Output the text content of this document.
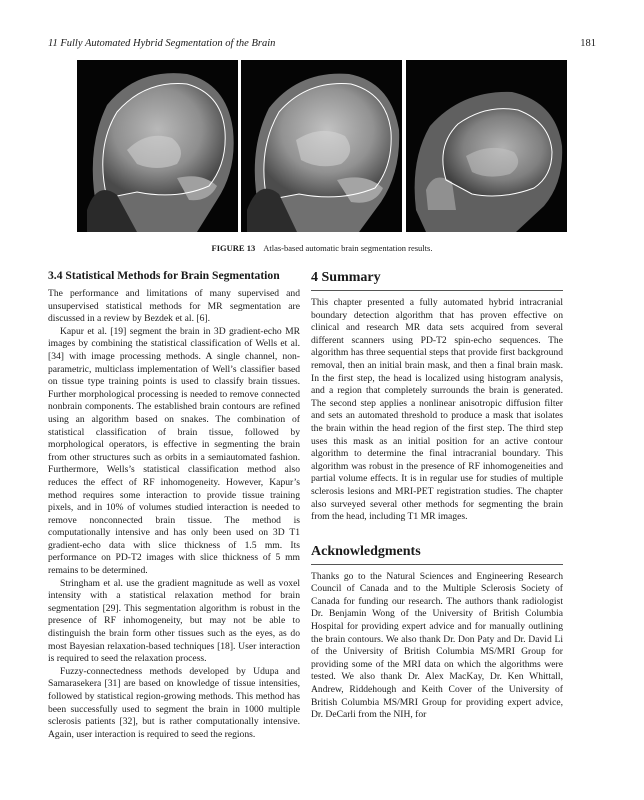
11 Fully Automated Hybrid Segmentation of the Brain	181
FIGURE 13 Atlas-based automatic brain segmentation results.
3.4 Statistical Methods for Brain Segmentation

The performance and limitations of many supervised and unsupervised statistical methods for MR segmentation are discussed in a review by Bezdek et al. [6].

Kapur et al. [19] segment the brain in 3D gradient-echo MR images by combining the statistical classification of Wells et al. [34] with image processing methods. A single channel, non-parametric, multiclass implementation of Well’s classifier based on tissue type training points is used to classify brain tissues. Further morphological processing is needed to remove connected nonbrain components. The established brain contours are refined using an algorithm based on snakes. The combination of statistical classification of brain tissue, followed by morphological operators, is effective in segmenting the brain from other structures such as orbits in a semiautomated fashion. Furthermore, Wells’s statistical classification method also reduces the effect of RF inhomogeneity. However, Kapur’s method requires some interaction to provide tissue training pixels, and in 10% of volumes studied interaction is needed to remove nonconnected brain tissue. The method is computationally intensive and has only been used on 3D T1 gradient-echo data with slice thickness of 1.5 mm. Its performance on PD-T2 images with slice thickness of 5 mm remains to be determined.

Stringham et al. use the gradient magnitude as well as voxel intensity with a statistical relaxation method for brain segmentation [29]. This segmentation algorithm is robust in the presence of RF inhomogeneity, but may not be able to distinguish the brain form other tissues such as the eyes, as do most Bayesian relaxation-based techniques [18]. User interaction is required to seed the relaxation process.

Fuzzy-connectedness methods developed by Udupa and Samarasekera [31] are based on knowledge of tissue intensities, followed by statistical region-growing methods. This method has been successfully used to segment the brain in 1000 multiple sclerosis patients [32], but is rather computationally intensive. Again, user interaction is required to seed the regions.

4 Summary

This chapter presented a fully automated hybrid intracranial boundary detection algorithm that has proven effective on clinical and research MR data sets acquired from several different scanners using PD-T2 spin-echo sequences. The algorithm has three sequential steps that provide first background removal, then an initial brain mask, and then a final brain mask. In the first step, the head is localized using histogram analysis, and a region that completely surrounds the brain is generated. The second step applies a nonlinear anisotropic diffusion filter and sets an automated threshold to produce a mask that isolates the brain within the head region of the first step. The third step uses this mask as an initial position for an active contour algorithm to determine the final intracranial boundary. This algorithm was robust in the presence of RF inhomogeneities and partial volume effects. It is in regular use for studies of multiple sclerosis lesions and MRI-PET registration studies. The chapter also surveyed several other methods for segmenting the brain from the head, including T1 MR images.

Acknowledgments

Thanks go to the Natural Sciences and Engineering Research Council of Canada and to the Multiple Sclerosis Society of Canada for funding our research. The authors thank radiologist Dr. Benjamin Wong of the University of British Columbia Hospital for providing expert advice and for manually outlining the brain contours. We also thank Dr. Don Paty and Dr. David Li of the University of British Columbia MS/MRI Group for providing some of the MRI data on which the algorithms were tested. We also thank Dr. Alex MacKay, Dr. Ken Whittall, Andrew, Riddehough and Keith Cover of the University of British Columbia MS/MRI Group for providing expert advice, Dr. DeCarli from the NIH, for
